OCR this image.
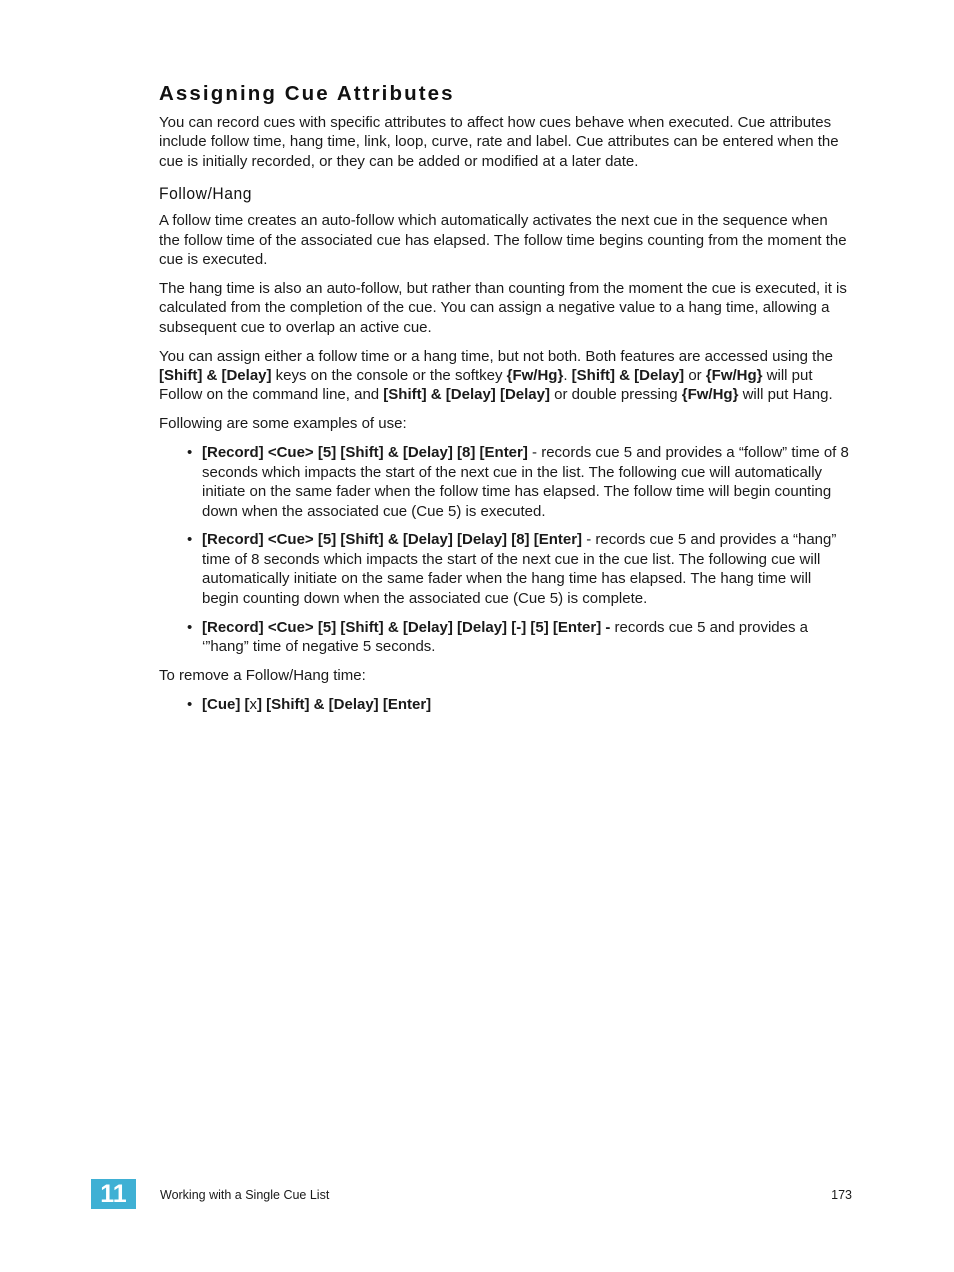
Assigning Cue Attributes

You can record cues with specific attributes to affect how cues behave when executed. Cue attributes include follow time, hang time, link, loop, curve, rate and label. Cue attributes can be entered when the cue is initially recorded, or they can be added or modified at a later date.

Follow/Hang

A follow time creates an auto-follow which automatically activates the next cue in the sequence when the follow time of the associated cue has elapsed. The follow time begins counting from the moment the cue is executed.

The hang time is also an auto-follow, but rather than counting from the moment the cue is executed, it is calculated from the completion of the cue. You can assign a negative value to a hang time, allowing a subsequent cue to overlap an active cue.

You can assign either a follow time or a hang time, but not both. Both features are accessed using the [Shift] & [Delay] keys on the console or the softkey {Fw/Hg}. [Shift] & [Delay] or {Fw/Hg} will put Follow on the command line, and [Shift] & [Delay] [Delay] or double pressing {Fw/Hg} will put Hang.

Following are some examples of use:

• [Record] <Cue> [5] [Shift] & [Delay] [8] [Enter] - records cue 5 and provides a “follow” time of 8 seconds which impacts the start of the next cue in the list. The following cue will automatically initiate on the same fader when the follow time has elapsed. The follow time will begin counting down when the associated cue (Cue 5) is executed.
• [Record] <Cue> [5] [Shift] & [Delay] [Delay] [8] [Enter] - records cue 5 and provides a “hang” time of 8 seconds which impacts the start of the next cue in the cue list. The following cue will automatically initiate on the same fader when the hang time has elapsed. The hang time will begin counting down when the associated cue (Cue 5) is complete.
• [Record] <Cue> [5] [Shift] & [Delay] [Delay] [-] [5] [Enter] - records cue 5 and provides a ‘”hang” time of negative 5 seconds.

To remove a Follow/Hang time:

• [Cue] [x] [Shift] & [Delay] [Enter]
11	Working with a Single Cue List	173
